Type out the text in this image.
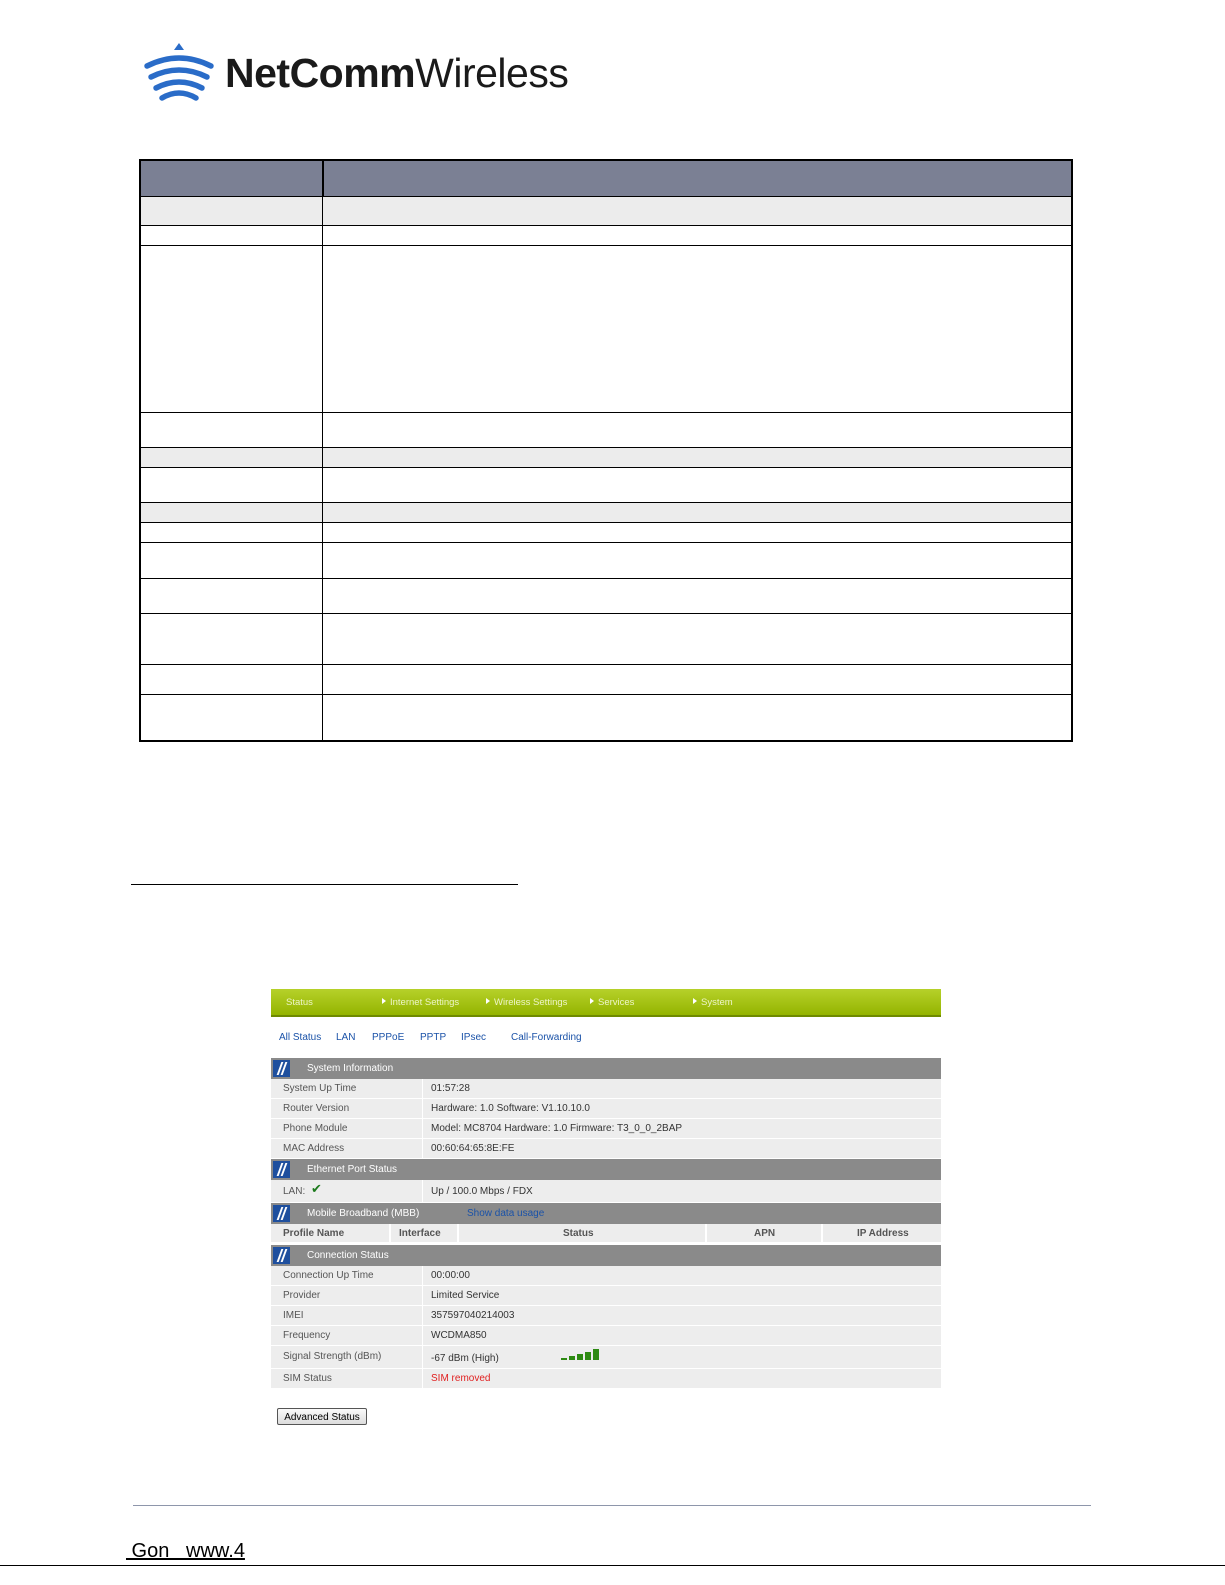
NetCommWireless

Status	Internet Settings	Wireless Settings	Services	System
All Status LAN PPPoE PPTP IPsec Call-Forwarding
System Information
System Up Time	01:57:28
Router Version	Hardware: 1.0 Software: V1.10.10.0
Phone Module	Model: MC8704 Hardware: 1.0 Firmware: T3_0_0_2BAP
MAC Address	00:60:64:65:8E:FE
Ethernet Port Status
LAN: ✔	Up / 100.0 Mbps / FDX
Mobile Broadband (MBB)	Show data usage
Profile Name	Interface	Status	APN	IP Address
Connection Status
Connection Up Time	00:00:00
Provider	Limited Service
IMEI	357597040214003
Frequency	WCDMA850
Signal Strength (dBm)	-67 dBm (High)
SIM Status	SIM removed
Advanced Status
Gon   www.4
